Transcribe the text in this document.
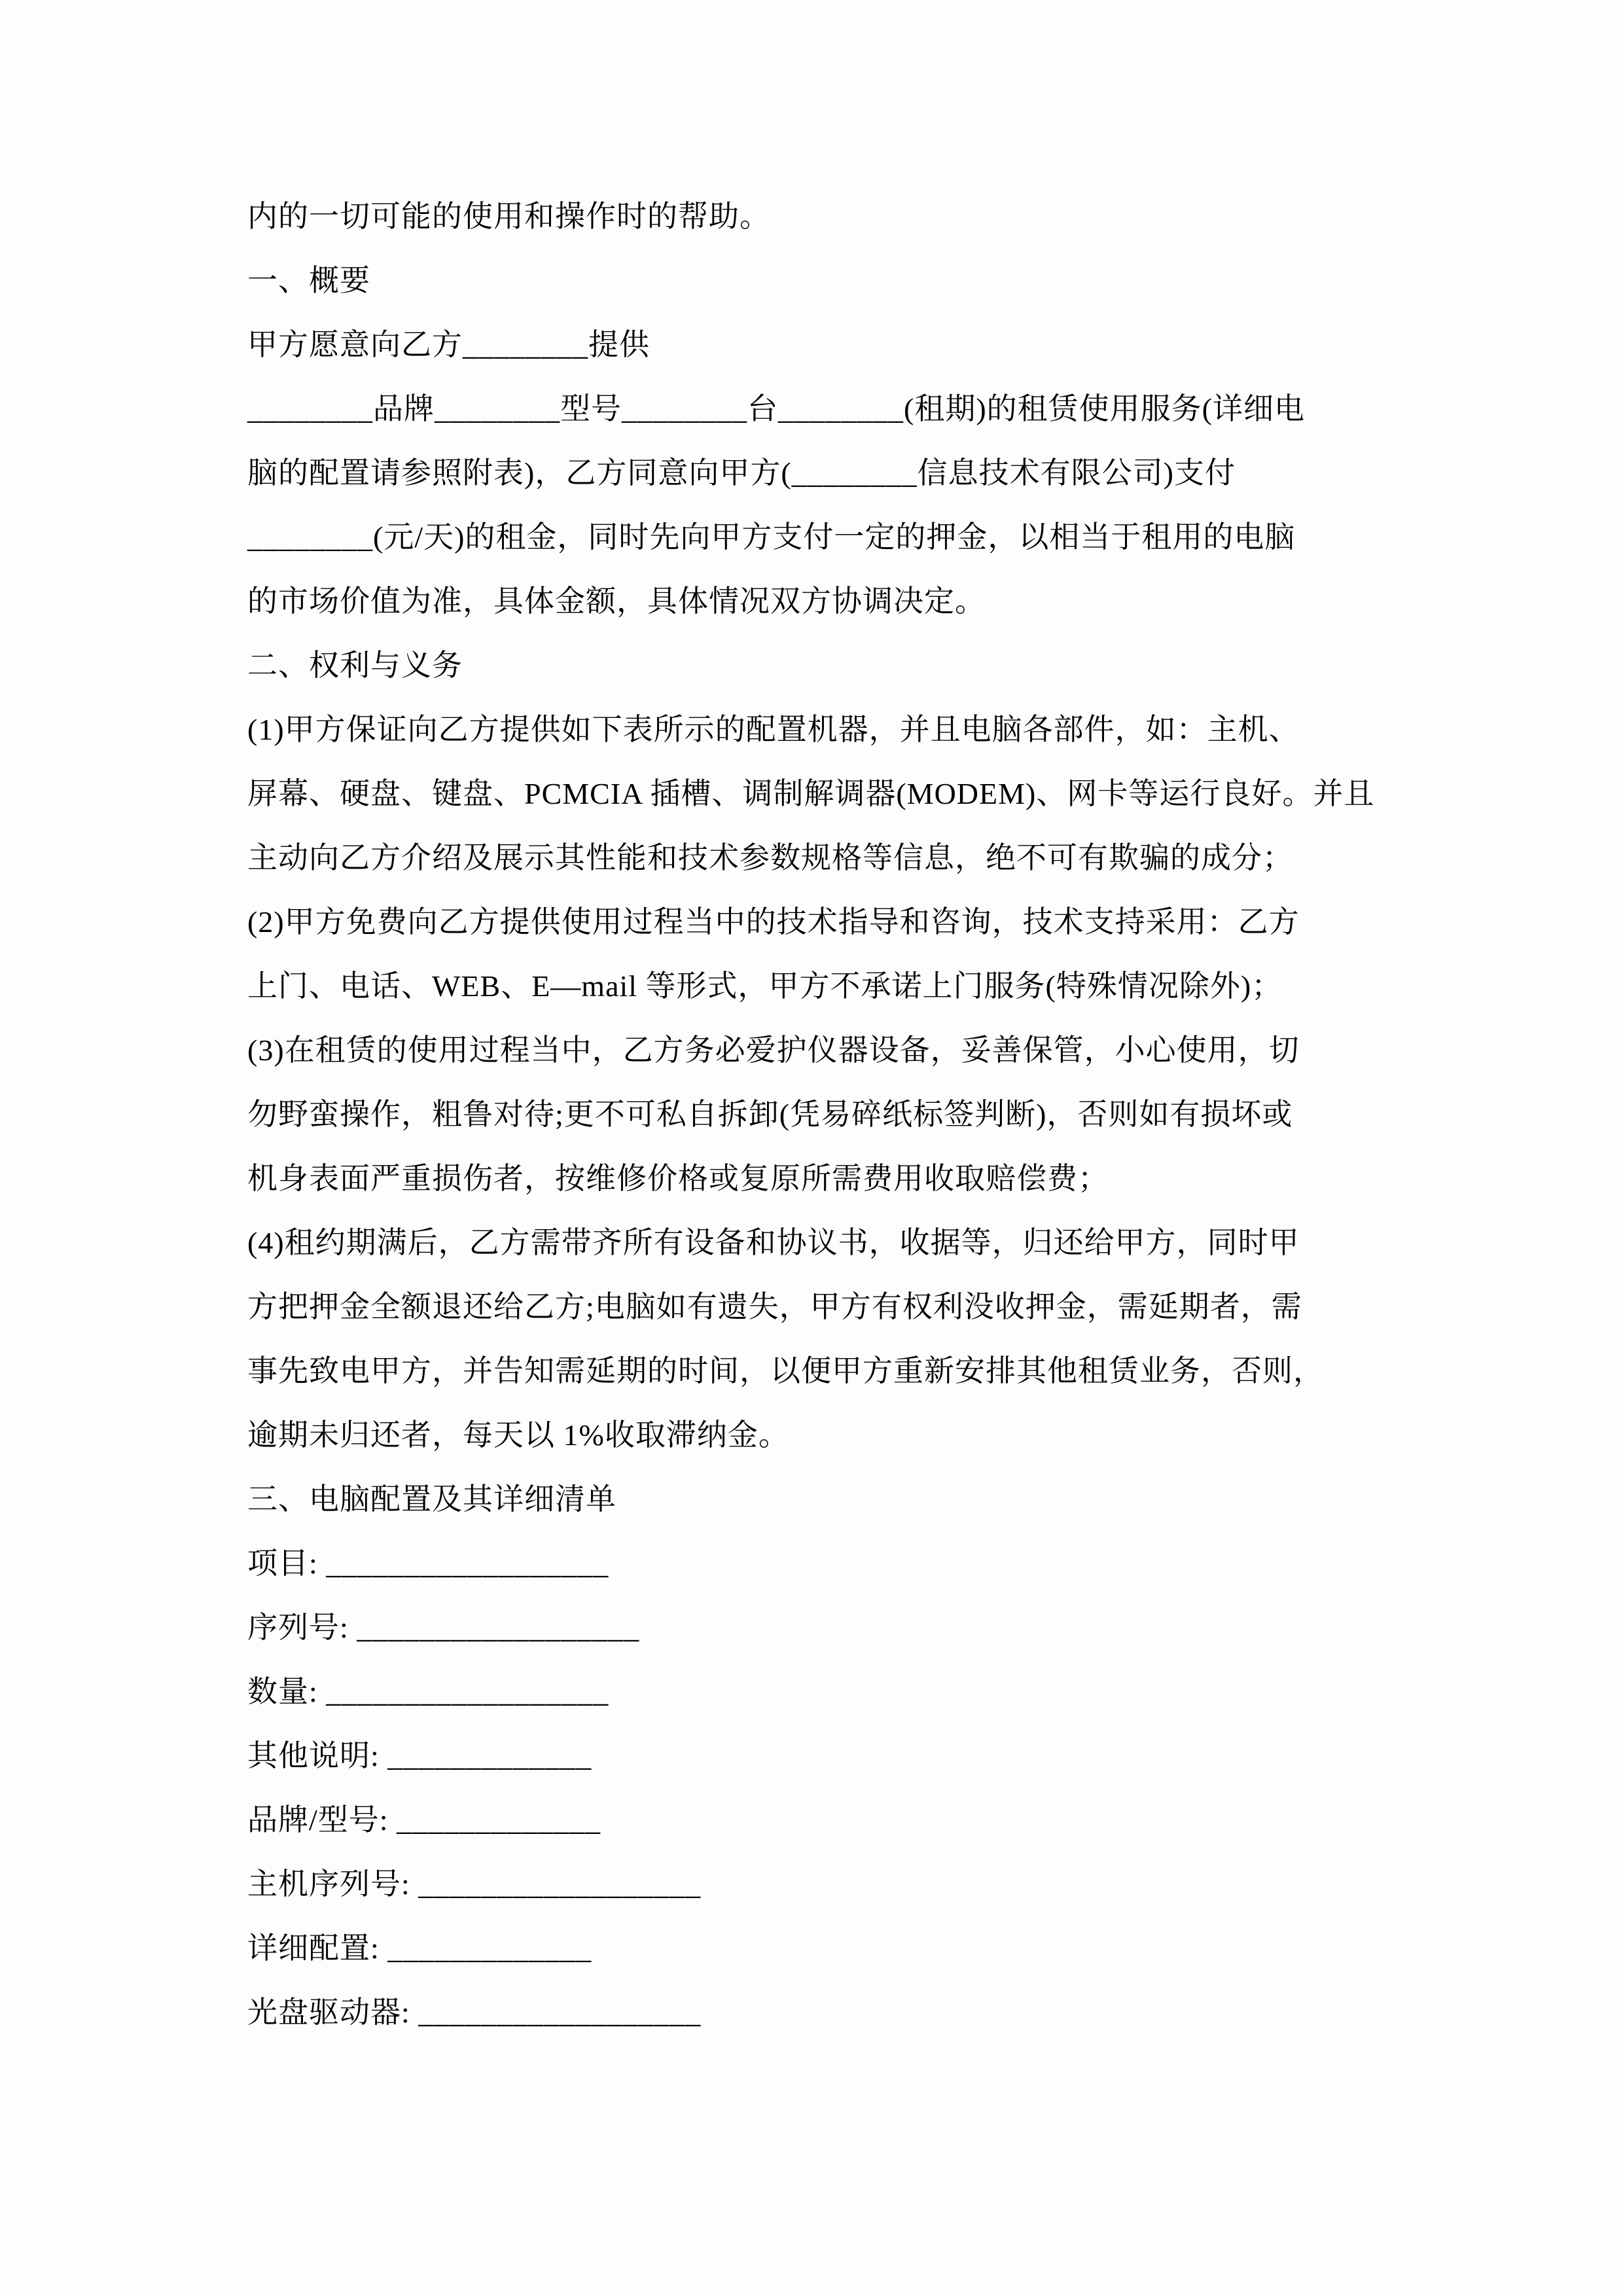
内的一切可能的使用和操作时的帮助。
一、概要
甲方愿意向乙方________提供
________品牌________型号________台________(租期)的租赁使用服务(详细电
脑的配置请参照附表)，乙方同意向甲方(________信息技术有限公司)支付
________(元/天)的租金，同时先向甲方支付一定的押金，以相当于租用的电脑
的市场价值为准，具体金额，具体情况双方协调决定。
二、权利与义务
(1)甲方保证向乙方提供如下表所示的配置机器，并且电脑各部件，如：主机、
屏幕、硬盘、键盘、PCMCIA 插槽、调制解调器(MODEM)、网卡等运行良好。并且
主动向乙方介绍及展示其性能和技术参数规格等信息，绝不可有欺骗的成分；
(2)甲方免费向乙方提供使用过程当中的技术指导和咨询，技术支持采用：乙方
上门、电话、WEB、E—mail 等形式，甲方不承诺上门服务(特殊情况除外)；
(3)在租赁的使用过程当中，乙方务必爱护仪器设备，妥善保管，小心使用，切
勿野蛮操作，粗鲁对待;更不可私自拆卸(凭易碎纸标签判断)，否则如有损坏或
机身表面严重损伤者，按维修价格或复原所需费用收取赔偿费；
(4)租约期满后，乙方需带齐所有设备和协议书，收据等，归还给甲方，同时甲
方把押金全额退还给乙方;电脑如有遗失，甲方有权利没收押金，需延期者，需
事先致电甲方，并告知需延期的时间，以便甲方重新安排其他租赁业务，否则，
逾期未归还者，每天以 1%收取滞纳金。
三、电脑配置及其详细清单
项目: __________________
序列号: __________________
数量: __________________
其他说明: _____________
品牌/型号: _____________
主机序列号: __________________
详细配置: _____________
光盘驱动器: __________________
